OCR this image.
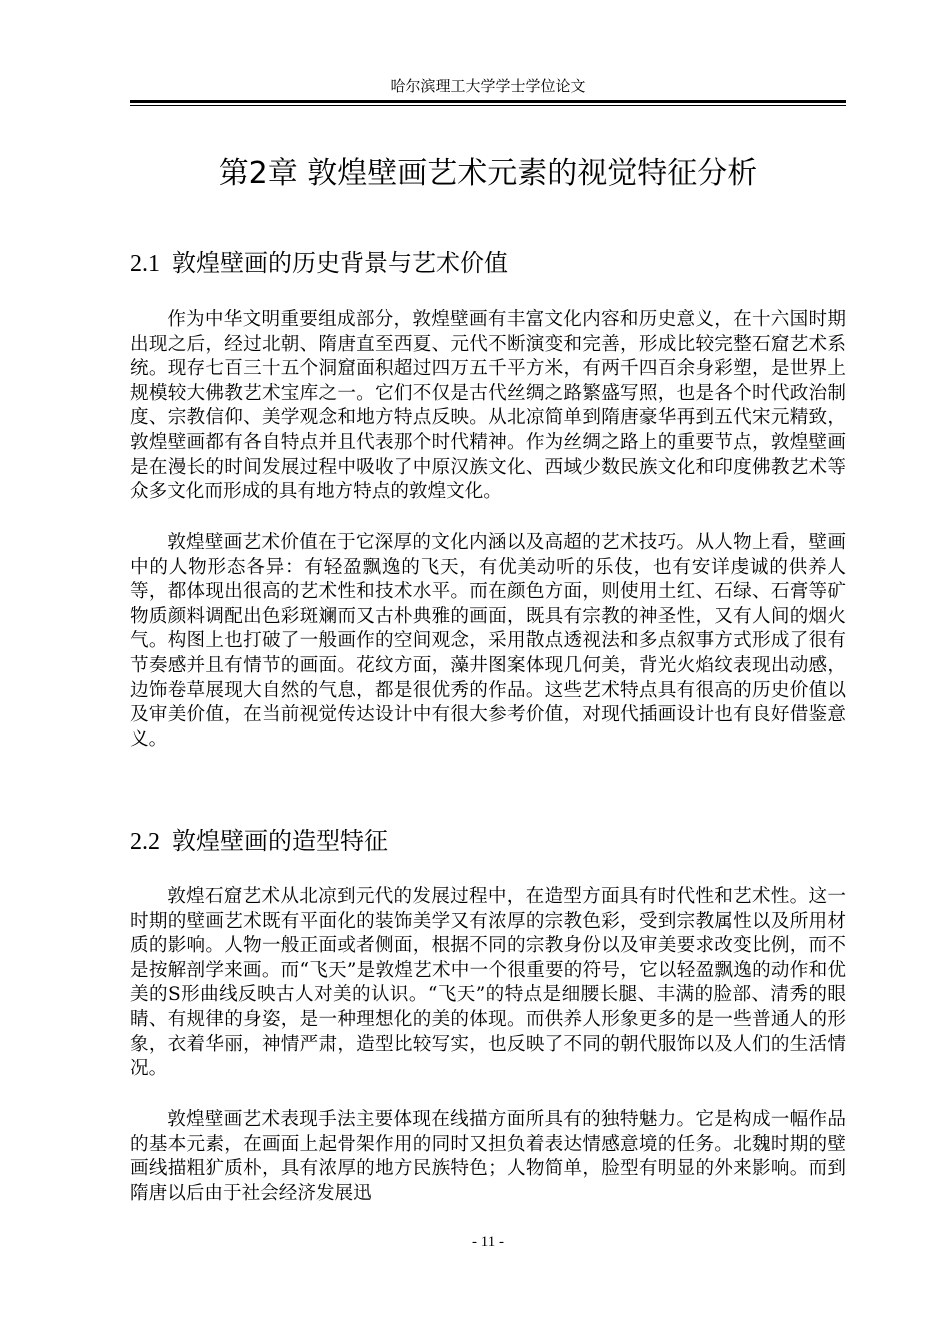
哈尔滨理工大学学士学位论文
第2章 敦煌壁画艺术元素的视觉特征分析
2.1 敦煌壁画的历史背景与艺术价值

作为中华文明重要组成部分，敦煌壁画有丰富文化内容和历史意义，在十六国时期出现之后，经过北朝、隋唐直至西夏、元代不断演变和完善，形成比较完整石窟艺术系统。现存七百三十五个洞窟面积超过四万五千平方米，有两千四百余身彩塑，是世界上规模较大佛教艺术宝库之一。它们不仅是古代丝绸之路繁盛写照，也是各个时代政治制度、宗教信仰、美学观念和地方特点反映。从北凉简单到隋唐豪华再到五代宋元精致，敦煌壁画都有各自特点并且代表那个时代精神。作为丝绸之路上的重要节点，敦煌壁画是在漫长的时间发展过程中吸收了中原汉族文化、西域少数民族文化和印度佛教艺术等众多文化而形成的具有地方特点的敦煌文化。

敦煌壁画艺术价值在于它深厚的文化内涵以及高超的艺术技巧。从人物上看，壁画中的人物形态各异：有轻盈飘逸的飞天，有优美动听的乐伎，也有安详虔诚的供养人等，都体现出很高的艺术性和技术水平。而在颜色方面，则使用土红、石绿、石膏等矿物质颜料调配出色彩斑斓而又古朴典雅的画面，既具有宗教的神圣性，又有人间的烟火气。构图上也打破了一般画作的空间观念，采用散点透视法和多点叙事方式形成了很有节奏感并且有情节的画面。花纹方面，藻井图案体现几何美，背光火焰纹表现出动感，边饰卷草展现大自然的气息，都是很优秀的作品。这些艺术特点具有很高的历史价值以及审美价值，在当前视觉传达设计中有很大参考价值，对现代插画设计也有良好借鉴意义。

2.2 敦煌壁画的造型特征

敦煌石窟艺术从北凉到元代的发展过程中，在造型方面具有时代性和艺术性。这一时期的壁画艺术既有平面化的装饰美学又有浓厚的宗教色彩，受到宗教属性以及所用材质的影响。人物一般正面或者侧面，根据不同的宗教身份以及审美要求改变比例，而不是按解剖学来画。而“飞天”是敦煌艺术中一个很重要的符号，它以轻盈飘逸的动作和优美的S形曲线反映古人对美的认识。“飞天”的特点是细腰长腿、丰满的脸部、清秀的眼睛、有规律的身姿，是一种理想化的美的体现。而供养人形象更多的是一些普通人的形象，衣着华丽，神情严肃，造型比较写实，也反映了不同的朝代服饰以及人们的生活情况。

敦煌壁画艺术表现手法主要体现在线描方面所具有的独特魅力。它是构成一幅作品的基本元素，在画面上起骨架作用的同时又担负着表达情感意境的任务。北魏时期的壁画线描粗犷质朴，具有浓厚的地方民族特色；人物简单，脸型有明显的外来影响。而到隋唐以后由于社会经济发展迅

- 11 -
